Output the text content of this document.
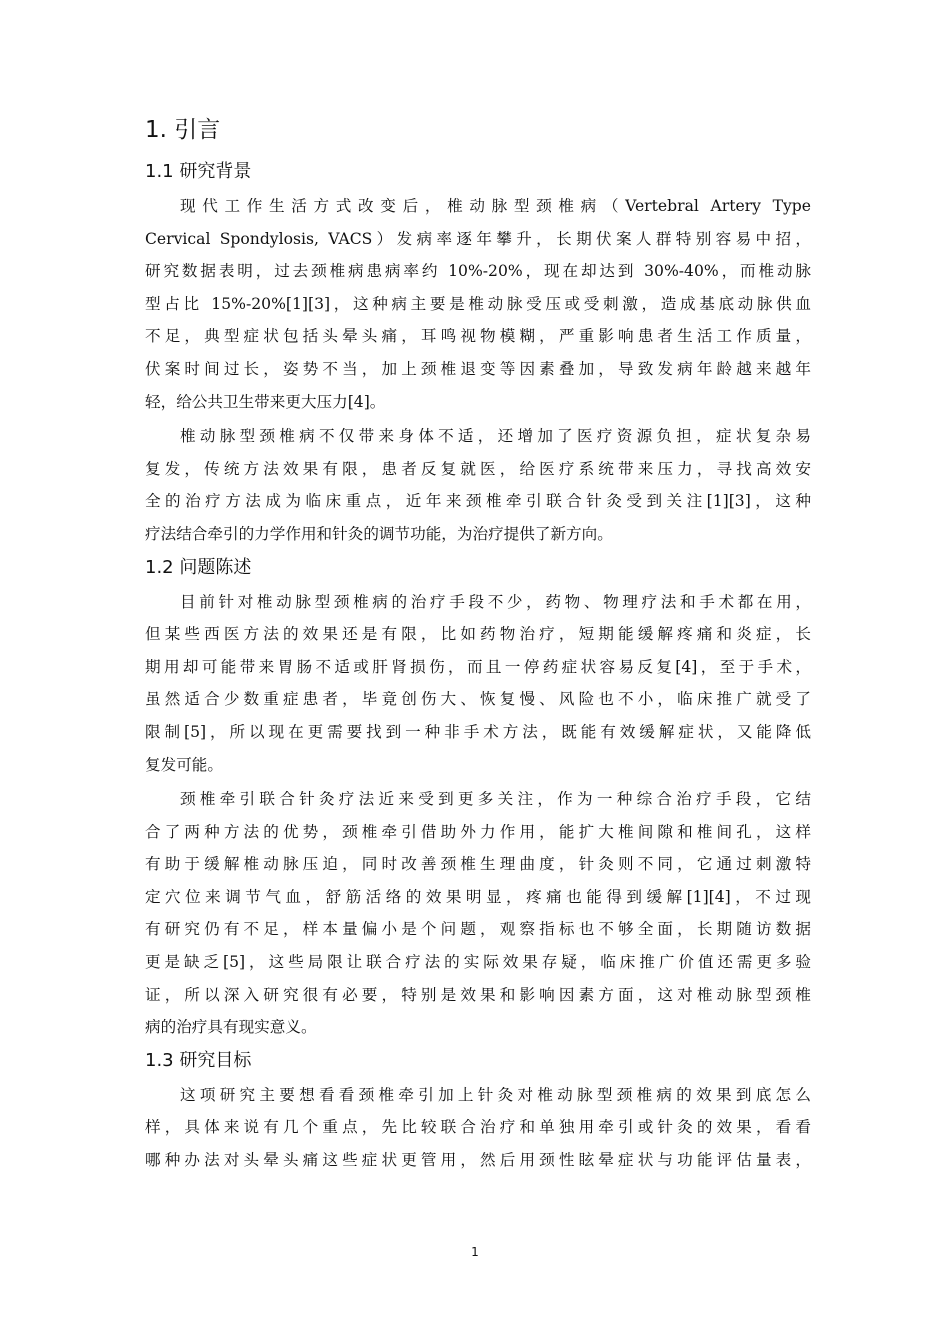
1. 引言
1.1 研究背景
现代工作生活方式改变后，椎动脉型颈椎病（Vertebral Artery Type
Cervical Spondylosis, VACS）发病率逐年攀升，长期伏案人群特别容易中招，
研究数据表明，过去颈椎病患病率约 10%-20%，现在却达到 30%-40%，而椎动脉
型占比 15%-20%[1][3]，这种病主要是椎动脉受压或受刺激，造成基底动脉供血
不足，典型症状包括头晕头痛，耳鸣视物模糊，严重影响患者生活工作质量，
伏案时间过长，姿势不当，加上颈椎退变等因素叠加，导致发病年龄越来越年
轻，给公共卫生带来更大压力[4]。
椎动脉型颈椎病不仅带来身体不适，还增加了医疗资源负担，症状复杂易
复发，传统方法效果有限，患者反复就医，给医疗系统带来压力，寻找高效安
全的治疗方法成为临床重点，近年来颈椎牵引联合针灸受到关注[1][3]，这种
疗法结合牵引的力学作用和针灸的调节功能，为治疗提供了新方向。
1.2 问题陈述
目前针对椎动脉型颈椎病的治疗手段不少，药物、物理疗法和手术都在用，
但某些西医方法的效果还是有限，比如药物治疗，短期能缓解疼痛和炎症，长
期用却可能带来胃肠不适或肝肾损伤，而且一停药症状容易反复[4]，至于手术，
虽然适合少数重症患者，毕竟创伤大、恢复慢、风险也不小，临床推广就受了
限制[5]，所以现在更需要找到一种非手术方法，既能有效缓解症状，又能降低
复发可能。
颈椎牵引联合针灸疗法近来受到更多关注，作为一种综合治疗手段，它结
合了两种方法的优势，颈椎牵引借助外力作用，能扩大椎间隙和椎间孔，这样
有助于缓解椎动脉压迫，同时改善颈椎生理曲度，针灸则不同，它通过刺激特
定穴位来调节气血，舒筋活络的效果明显，疼痛也能得到缓解[1][4]，不过现
有研究仍有不足，样本量偏小是个问题，观察指标也不够全面，长期随访数据
更是缺乏[5]，这些局限让联合疗法的实际效果存疑，临床推广价值还需更多验
证，所以深入研究很有必要，特别是效果和影响因素方面，这对椎动脉型颈椎
病的治疗具有现实意义。
1.3 研究目标
这项研究主要想看看颈椎牵引加上针灸对椎动脉型颈椎病的效果到底怎么
样，具体来说有几个重点，先比较联合治疗和单独用牵引或针灸的效果，看看
哪种办法对头晕头痛这些症状更管用，然后用颈性眩晕症状与功能评估量表，
1
